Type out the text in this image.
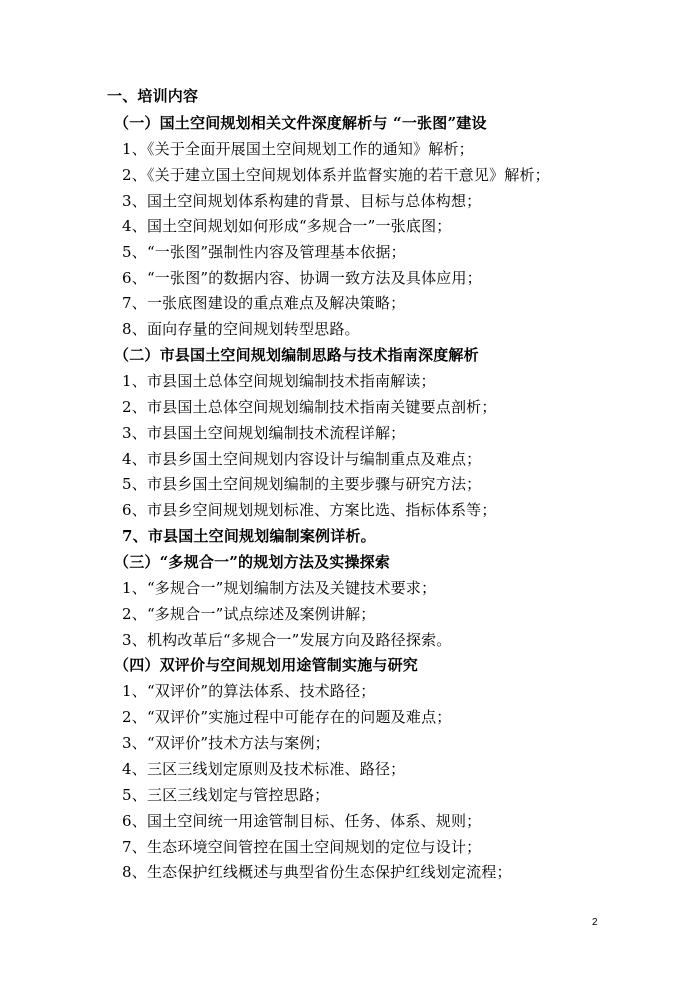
一、培训内容
（一）国土空间规划相关文件深度解析与 “一张图”建设
1、《关于全面开展国土空间规划工作的通知》解析；
2、《关于建立国土空间规划体系并监督实施的若干意见》解析；
3、国土空间规划体系构建的背景、目标与总体构想；
4、国土空间规划如何形成“多规合一”一张底图；
5、“一张图”强制性内容及管理基本依据；
6、“一张图”的数据内容、协调一致方法及具体应用；
7、一张底图建设的重点难点及解决策略；
8、面向存量的空间规划转型思路。
（二）市县国土空间规划编制思路与技术指南深度解析
1、市县国土总体空间规划编制技术指南解读；
2、市县国土总体空间规划编制技术指南关键要点剖析；
3、市县国土空间规划编制技术流程详解；
4、市县乡国土空间规划内容设计与编制重点及难点；
5、市县乡国土空间规划编制的主要步骤与研究方法；
6、市县乡空间规划规划标准、方案比选、指标体系等；
7、市县国土空间规划编制案例详析。
（三）“多规合一”的规划方法及实操探索
1、“多规合一”规划编制方法及关键技术要求；
2、“多规合一”试点综述及案例讲解；
3、机构改革后“多规合一”发展方向及路径探索。
（四）双评价与空间规划用途管制实施与研究
1、“双评价”的算法体系、技术路径；
2、“双评价”实施过程中可能存在的问题及难点；
3、“双评价”技术方法与案例；
4、三区三线划定原则及技术标准、路径；
5、三区三线划定与管控思路；
6、国土空间统一用途管制目标、任务、体系、规则；
7、生态环境空间管控在国土空间规划的定位与设计；
8、生态保护红线概述与典型省份生态保护红线划定流程；
2
